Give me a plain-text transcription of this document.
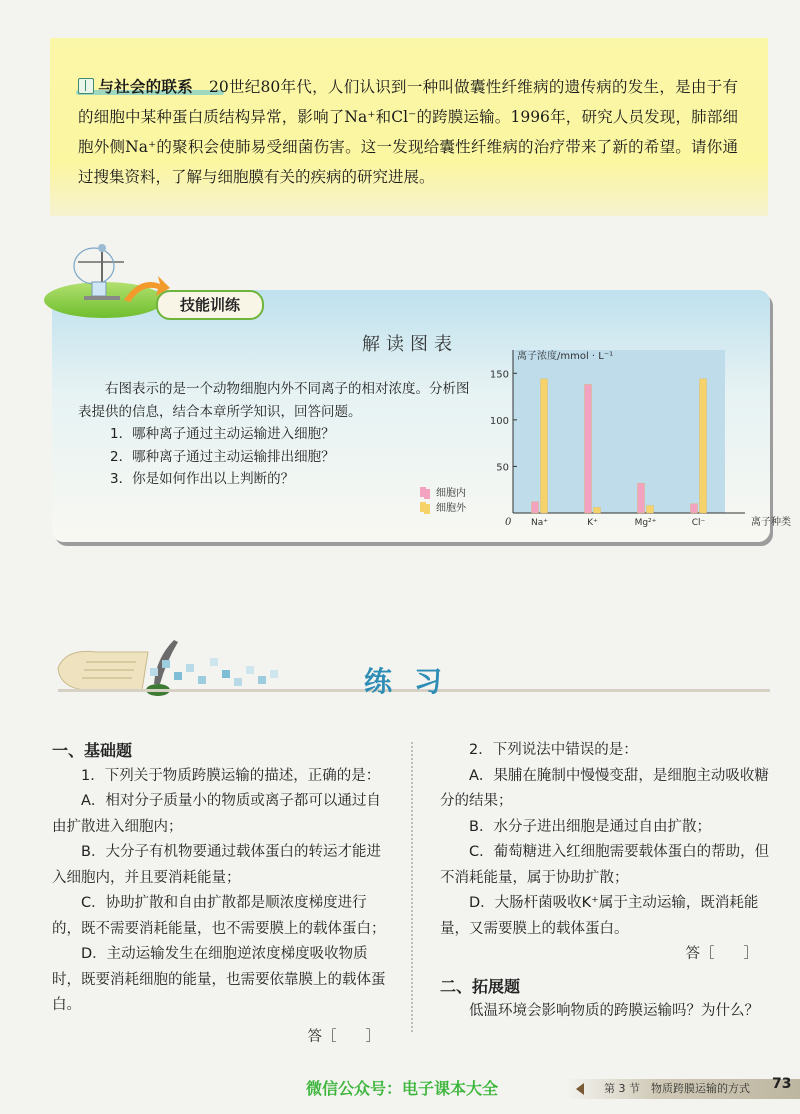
与社会的联系 20世纪80年代，人们认识到一种叫做囊性纤维病的遗传病的发生，是由于有的细胞中某种蛋白质结构异常，影响了Na⁺和Cl⁻的跨膜运输。1996年，研究人员发现，肺部细胞外侧Na⁺的聚积会使肺易受细菌伤害。这一发现给囊性纤维病的治疗带来了新的希望。请你通过搜集资料，了解与细胞膜有关的疾病的研究进展。
技能训练
解读图表

右图表示的是一个动物细胞内外不同离子的相对浓度。分析图表提供的信息，结合本章所学知识，回答问题。

1．哪种离子通过主动运输进入细胞？

2．哪种离子通过主动运输排出细胞？

3．你是如何作出以上判断的？

离子浓度/mmol · L⁻¹
50
100
150
0 Na⁺	K⁺	Mg²⁺	Cl⁻	离子种类
练习

一、基础题

1．下列关于物质跨膜运输的描述，正确的是：

A．相对分子质量小的物质或离子都可以通过自由扩散进入细胞内；

B．大分子有机物要通过载体蛋白的转运才能进入细胞内，并且要消耗能量；

C．协助扩散和自由扩散都是顺浓度梯度进行的，既不需要消耗能量，也不需要膜上的载体蛋白；

D．主动运输发生在细胞逆浓度梯度吸收物质时，既要消耗细胞的能量，也需要依靠膜上的载体蛋白。

答［　　］

2．下列说法中错误的是：

A．果脯在腌制中慢慢变甜，是细胞主动吸收糖分的结果；

B．水分子进出细胞是通过自由扩散；

C．葡萄糖进入红细胞需要载体蛋白的帮助，但不消耗能量，属于协助扩散；

D．大肠杆菌吸收K⁺属于主动运输，既消耗能量，又需要膜上的载体蛋白。

答［　　］

二、拓展题

低温环境会影响物质的跨膜运输吗？为什么？

微信公众号：电子课本大全	第 3 节　物质跨膜运输的方式 73
细胞内
细胞外
